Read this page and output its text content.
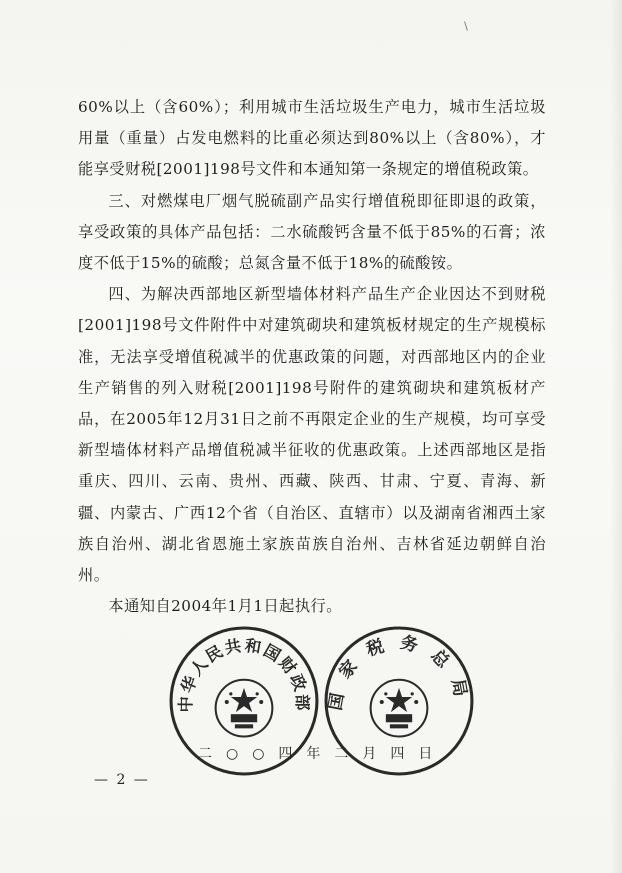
∖

60%以上（含60%）；利用城市生活垃圾生产电力，城市生活垃圾用量（重量）占发电燃料的比重必须达到80%以上（含80%），才能享受财税[2001]198号文件和本通知第一条规定的增值税政策。

三、对燃煤电厂烟气脱硫副产品实行增值税即征即退的政策，享受政策的具体产品包括：二水硫酸钙含量不低于85%的石膏；浓度不低于15%的硫酸；总氮含量不低于18%的硫酸铵。

四、为解决西部地区新型墙体材料产品生产企业因达不到财税[2001]198号文件附件中对建筑砌块和建筑板材规定的生产规模标准，无法享受增值税减半的优惠政策的问题，对西部地区内的企业生产销售的列入财税[2001]198号附件的建筑砌块和建筑板材产品，在2005年12月31日之前不再限定企业的生产规模，均可享受新型墙体材料产品增值税减半征收的优惠政策。上述西部地区是指重庆、四川、云南、贵州、西藏、陕西、甘肃、宁夏、青海、新疆、内蒙古、广西12个省（自治区、直辖市）以及湖南省湘西土家族自治州、湖北省恩施土家族苗族自治州、吉林省延边朝鲜自治州。

本通知自2004年1月1日起执行。

中华人民共和国财政部 国家税务总局
二○○四年二月四日
— 2 —
